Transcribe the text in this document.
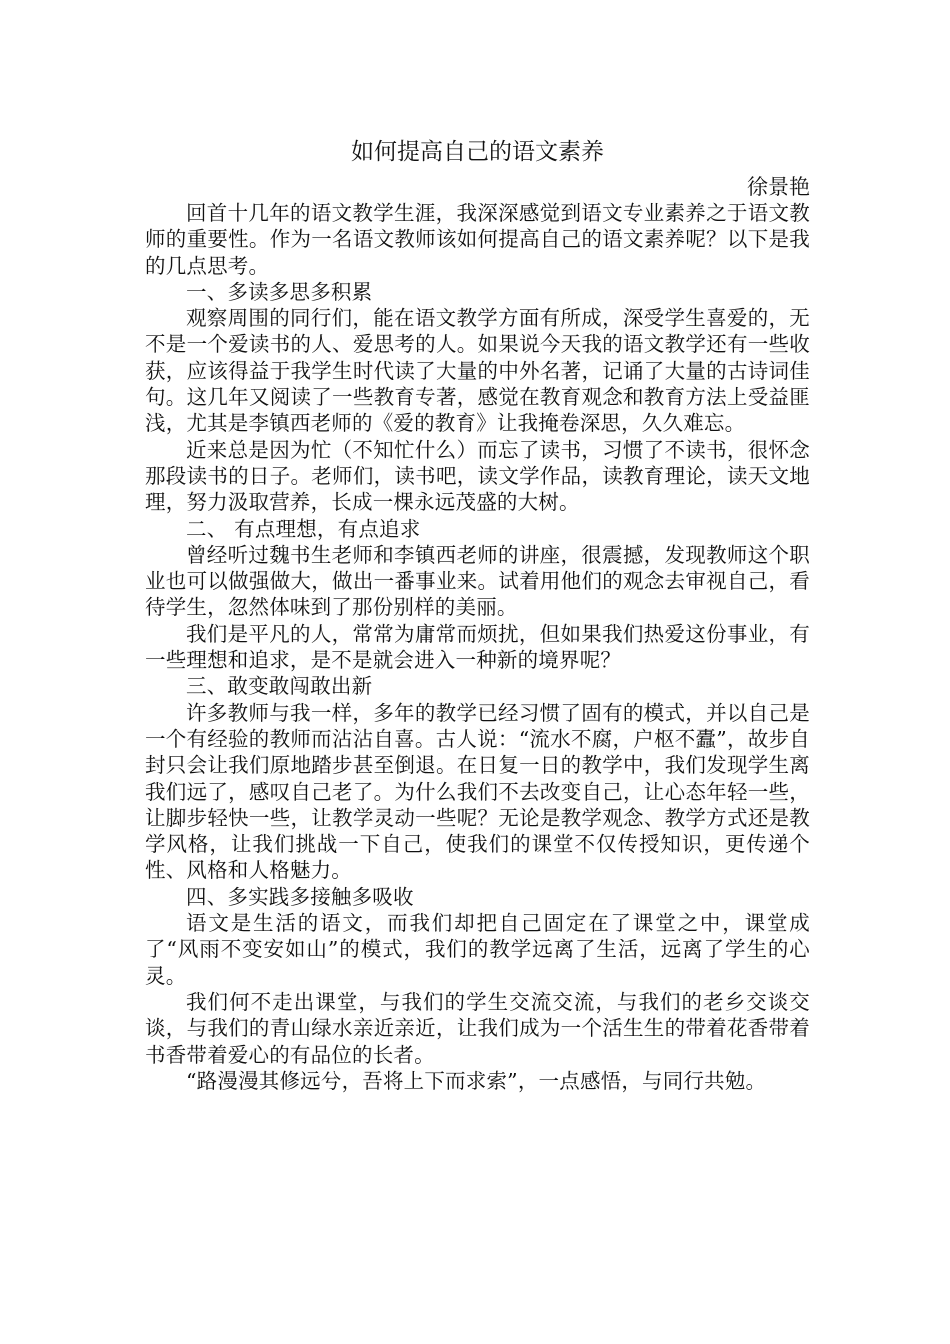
如何提高自己的语文素养

徐景艳

回首十几年的语文教学生涯，我深深感觉到语文专业素养之于语文教师的重要性。作为一名语文教师该如何提高自己的语文素养呢？以下是我的几点思考。

一、多读多思多积累

观察周围的同行们，能在语文教学方面有所成，深受学生喜爱的，无不是一个爱读书的人、爱思考的人。如果说今天我的语文教学还有一些收获，应该得益于我学生时代读了大量的中外名著，记诵了大量的古诗词佳句。这几年又阅读了一些教育专著，感觉在教育观念和教育方法上受益匪浅，尤其是李镇西老师的《爱的教育》让我掩卷深思，久久难忘。

近来总是因为忙（不知忙什么）而忘了读书，习惯了不读书，很怀念那段读书的日子。老师们，读书吧，读文学作品，读教育理论，读天文地理，努力汲取营养，长成一棵永远茂盛的大树。

二、 有点理想，有点追求

曾经听过魏书生老师和李镇西老师的讲座，很震撼，发现教师这个职业也可以做强做大，做出一番事业来。试着用他们的观念去审视自己，看待学生，忽然体味到了那份别样的美丽。

我们是平凡的人，常常为庸常而烦扰，但如果我们热爱这份事业，有一些理想和追求，是不是就会进入一种新的境界呢？

三、敢变敢闯敢出新

许多教师与我一样，多年的教学已经习惯了固有的模式，并以自己是一个有经验的教师而沾沾自喜。古人说：“流水不腐，户枢不蠹”，故步自封只会让我们原地踏步甚至倒退。在日复一日的教学中，我们发现学生离我们远了，感叹自己老了。为什么我们不去改变自己，让心态年轻一些，让脚步轻快一些，让教学灵动一些呢？无论是教学观念、教学方式还是教学风格，让我们挑战一下自己，使我们的课堂不仅传授知识，更传递个性、风格和人格魅力。

四、多实践多接触多吸收

语文是生活的语文，而我们却把自己固定在了课堂之中，课堂成了“风雨不变安如山”的模式，我们的教学远离了生活，远离了学生的心灵。

我们何不走出课堂，与我们的学生交流交流，与我们的老乡交谈交谈，与我们的青山绿水亲近亲近，让我们成为一个活生生的带着花香带着书香带着爱心的有品位的长者。

“路漫漫其修远兮，吾将上下而求索”，一点感悟，与同行共勉。
